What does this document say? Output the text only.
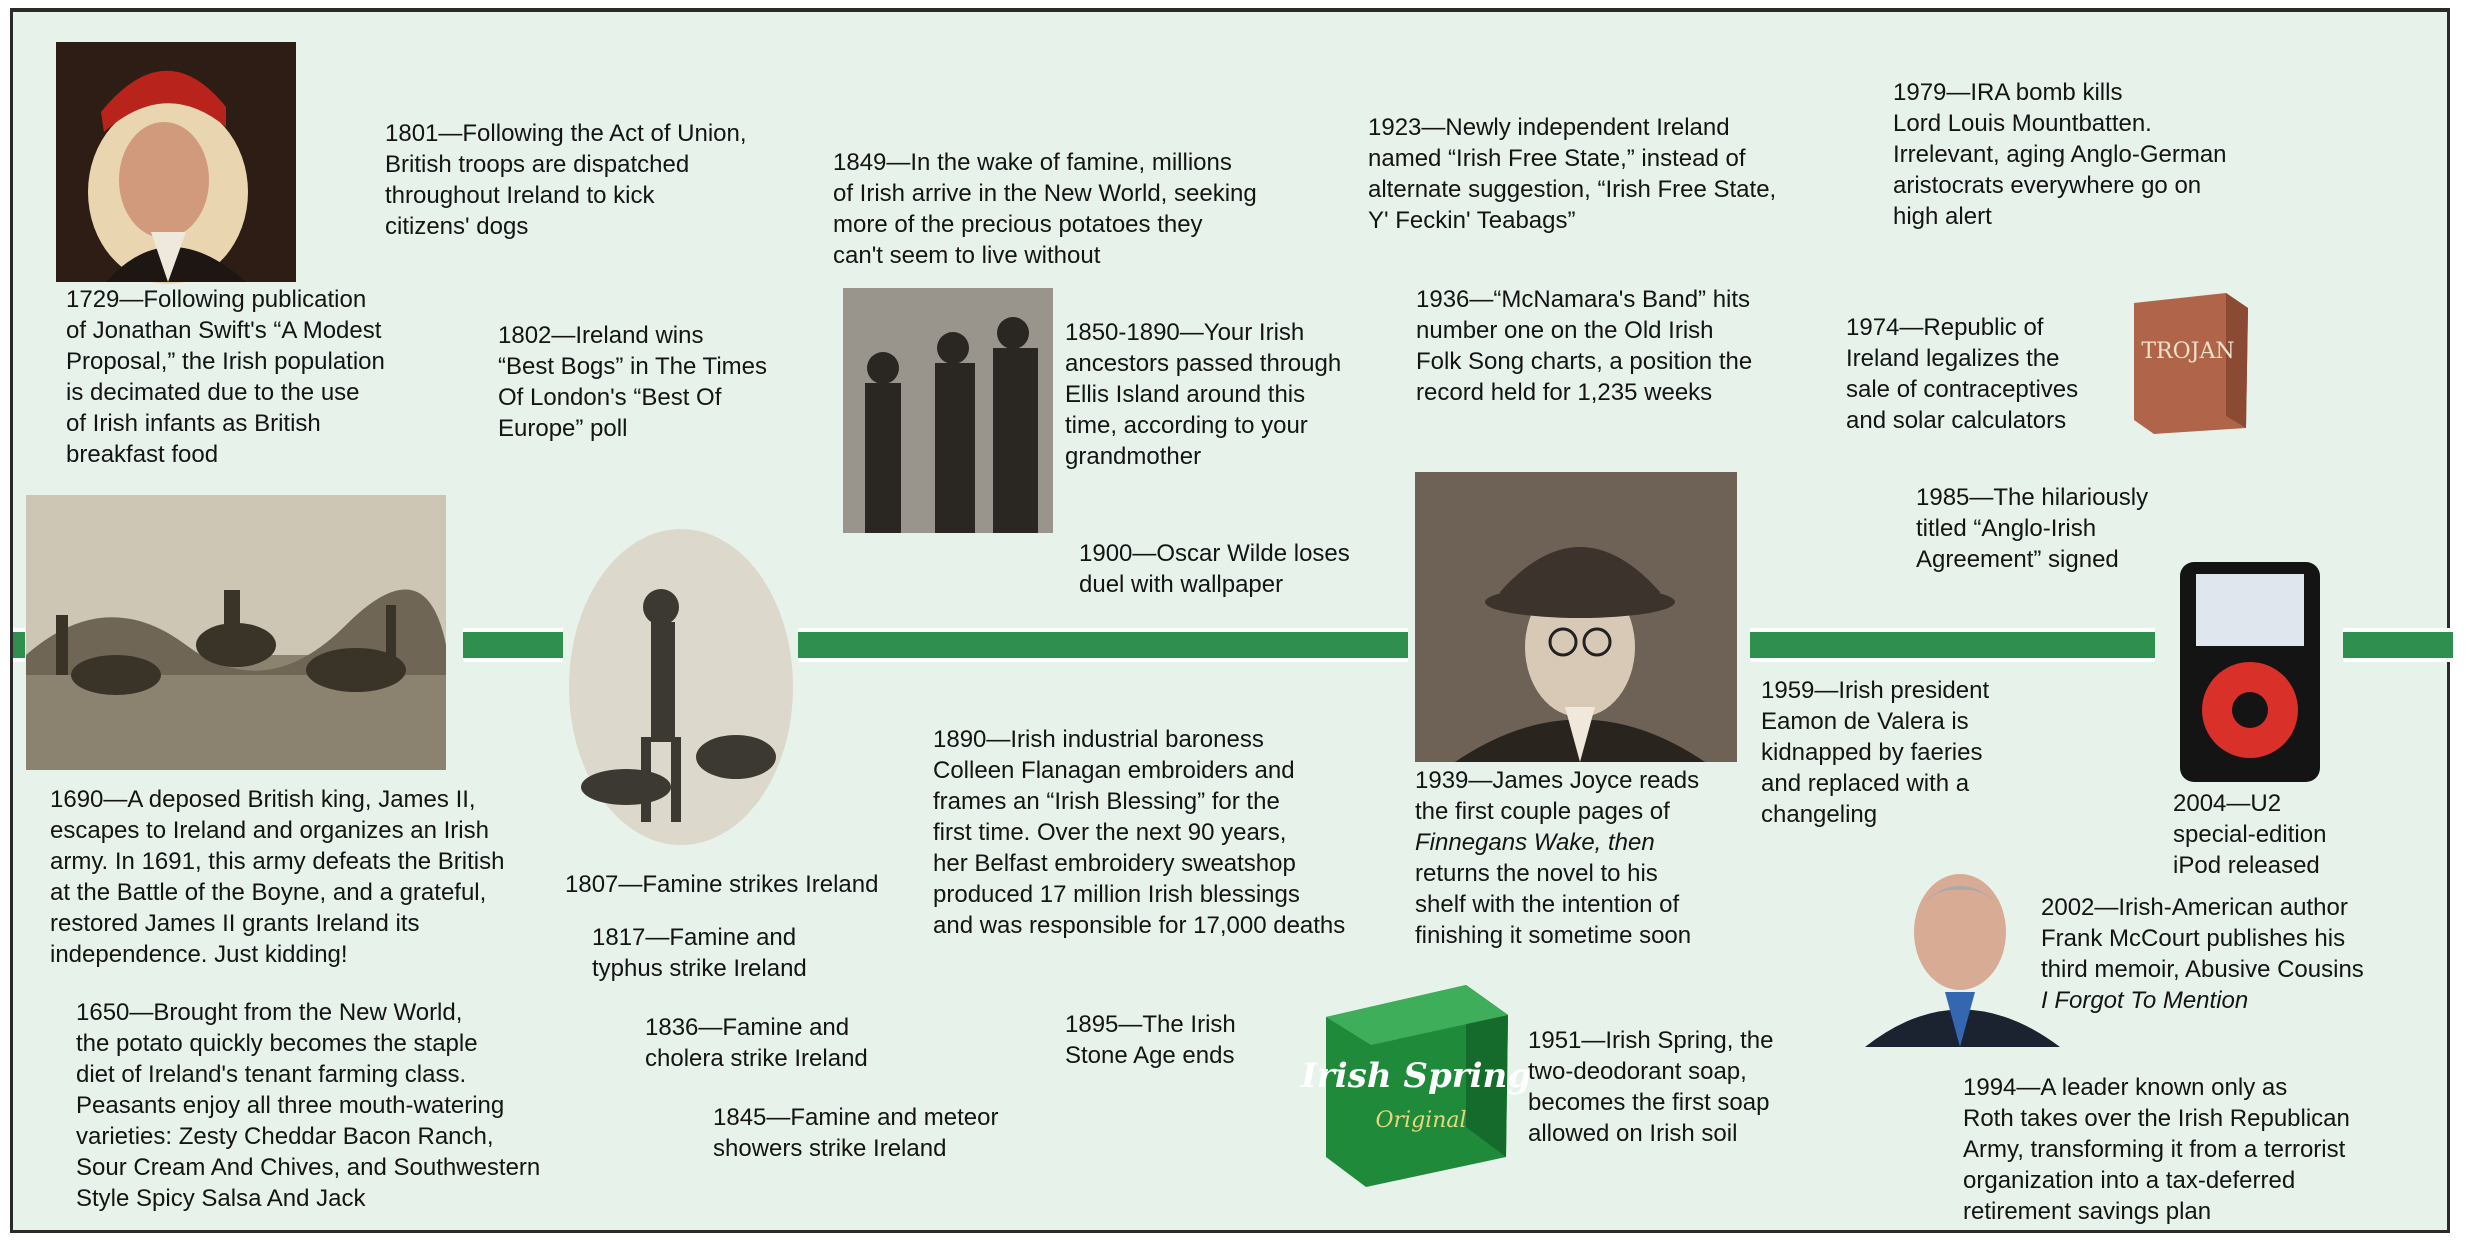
Irish Spring
Original
TROJAN
1729—Following publication
of Jonathan Swift's “A Modest
Proposal,” the Irish population
is decimated due to the use
of Irish infants as British
breakfast food
1801—Following the Act of Union,
British troops are dispatched
throughout Ireland to kick
citizens' dogs
1802—Ireland wins
“Best Bogs” in The Times
Of London's “Best Of
Europe” poll
1849—In the wake of famine, millions
of Irish arrive in the New World, seeking
more of the precious potatoes they
can't seem to live without
1850-1890—Your Irish
ancestors passed through
Ellis Island around this
time, according to your
grandmother
1900—Oscar Wilde loses
duel with wallpaper
1923—Newly independent Ireland
named “Irish Free State,” instead of
alternate suggestion, “Irish Free State,
Y' Feckin' Teabags”
1936—“McNamara's Band” hits
number one on the Old Irish
Folk Song charts, a position the
record held for 1,235 weeks
1979—IRA bomb kills
Lord Louis Mountbatten.
Irrelevant, aging Anglo-German
aristocrats everywhere go on
high alert
1974—Republic of
Ireland legalizes the
sale of contraceptives
and solar calculators
1985—The hilariously
titled “Anglo-Irish
Agreement” signed
1690—A deposed British king, James II,
escapes to Ireland and organizes an Irish
army. In 1691, this army defeats the British
at the Battle of the Boyne, and a grateful,
restored James II grants Ireland its
independence. Just kidding!
1650—Brought from the New World,
the potato quickly becomes the staple
diet of Ireland's tenant farming class.
Peasants enjoy all three mouth-watering
varieties: Zesty Cheddar Bacon Ranch,
Sour Cream And Chives, and Southwestern
Style Spicy Salsa And Jack
1807—Famine strikes Ireland
1817—Famine and
typhus strike Ireland
1836—Famine and
cholera strike Ireland
1845—Famine and meteor
showers strike Ireland
1890—Irish industrial baroness
Colleen Flanagan embroiders and
frames an “Irish Blessing” for the
first time. Over the next 90 years,
her Belfast embroidery sweatshop
produced 17 million Irish blessings
and was responsible for 17,000 deaths
1895—The Irish
Stone Age ends
1939—James Joyce reads
the first couple pages of
Finnegans Wake, then
returns the novel to his
shelf with the intention of
finishing it sometime soon
1951—Irish Spring, the
two-deodorant soap,
becomes the first soap
allowed on Irish soil
1959—Irish president
Eamon de Valera is
kidnapped by faeries
and replaced with a
changeling	2004—U2
special-edition
iPod released
2002—Irish-American author
Frank McCourt publishes his
third memoir, Abusive Cousins
I Forgot To Mention
1994—A leader known only as
Roth takes over the Irish Republican
Army, transforming it from a terrorist
organization into a tax-deferred
retirement savings plan
